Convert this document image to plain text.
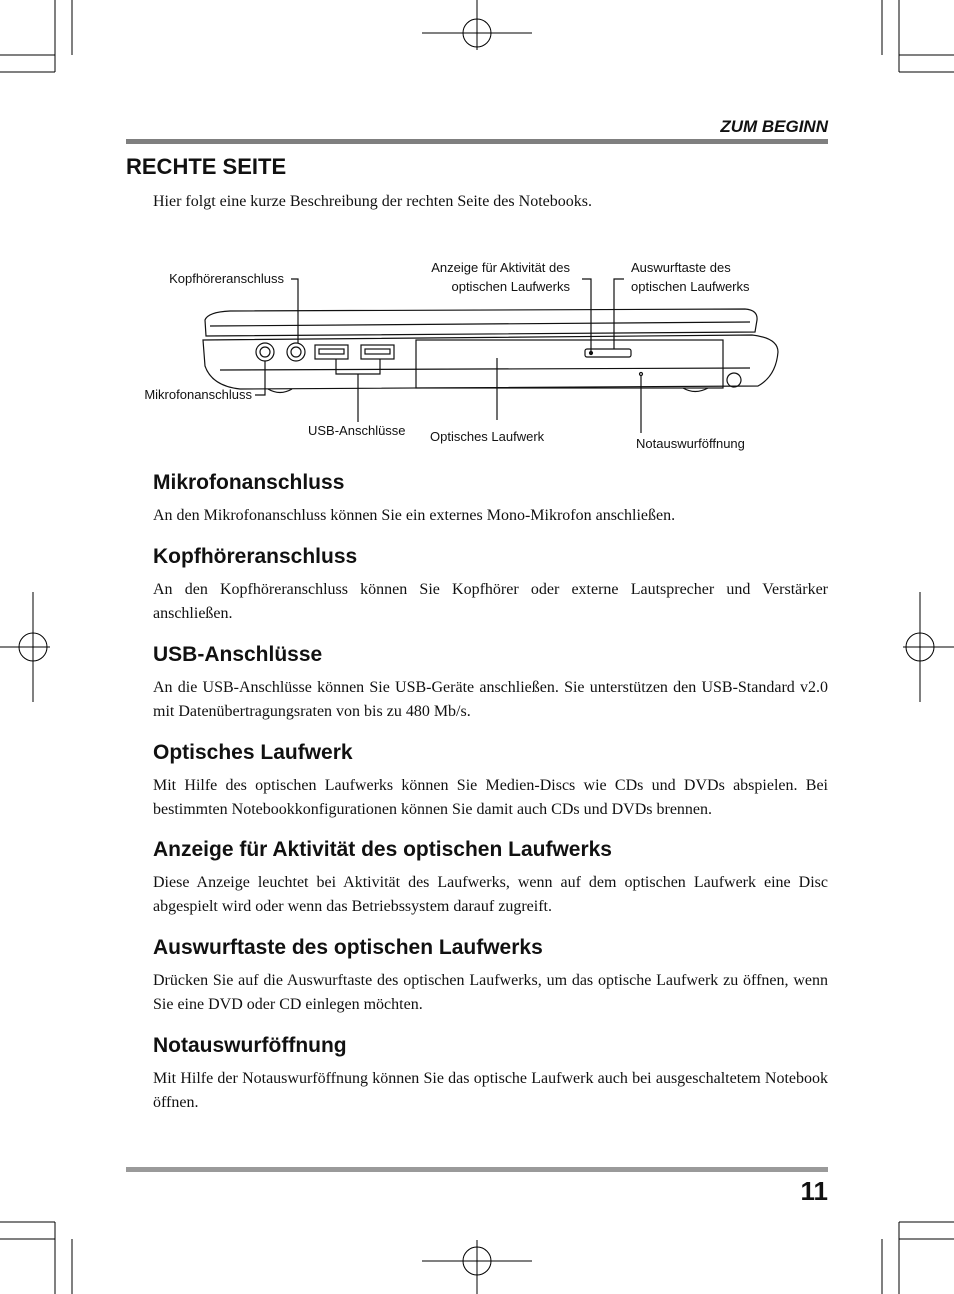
ZUM BEGINN
RECHTE SEITE
Hier folgt eine kurze Beschreibung der rechten Seite des Notebooks.
Kopfhöreranschluss
Anzeige für Aktivität des
optischen Laufwerks
Auswurftaste des
optischen Laufwerks
Mikrofonanschluss
USB-Anschlüsse Optisches Laufwerk	Notauswurföffnung
Mikrofonanschluss

An den Mikrofonanschluss können Sie ein externes Mono-Mikrofon anschließen.

Kopfhöreranschluss

An den Kopfhöreranschluss können Sie Kopfhörer oder externe Lautsprecher und Verstärker anschließen.

USB-Anschlüsse

An die USB-Anschlüsse können Sie USB-Geräte anschließen. Sie unterstützen den USB-Standard v2.0 mit Datenübertragungsraten von bis zu 480 Mb/s.

Optisches Laufwerk

Mit Hilfe des optischen Laufwerks können Sie Medien-Discs wie CDs und DVDs abspielen. Bei bestimmten Notebookkonfigurationen können Sie damit auch CDs und DVDs brennen.

Anzeige für Aktivität des optischen Laufwerks

Diese Anzeige leuchtet bei Aktivität des Laufwerks, wenn auf dem optischen Laufwerk eine Disc abgespielt wird oder wenn das Betriebssystem darauf zugreift.

Auswurftaste des optischen Laufwerks

Drücken Sie auf die Auswurftaste des optischen Laufwerks, um das optische Laufwerk zu öffnen, wenn Sie eine DVD oder CD einlegen möchten.

Notauswurföffnung

Mit Hilfe der Notauswurföffnung können Sie das optische Laufwerk auch bei ausgeschaltetem Notebook öffnen.

11
